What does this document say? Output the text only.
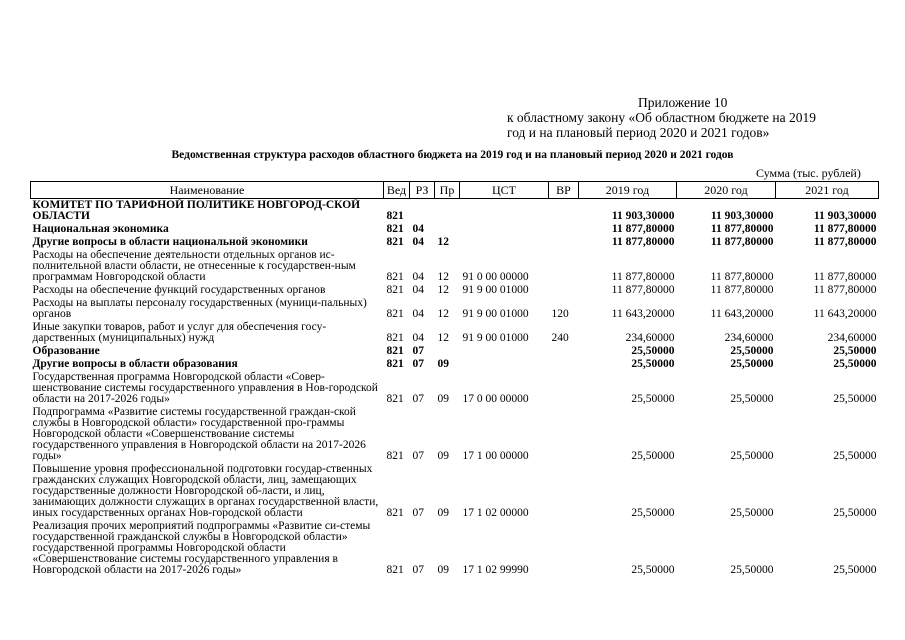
Приложение 10
к областному закону «Об областном бюджете на 2019
год и на плановый период 2020 и 2021 годов»
Ведомственная структура расходов областного бюджета на 2019 год и на плановый период 2020 и 2021 годов
Сумма (тыс. рублей)
Наименование	Вед	РЗ	Пр	ЦСТ	ВР	2019 год	2020 год	2021 год
КОМИТЕТ ПО ТАРИФНОЙ ПОЛИТИКЕ НОВГОРОД-СКОЙ ОБЛАСТИ	821					11 903,30000	11 903,30000	11 903,30000
Национальная экономика	821	04				11 877,80000	11 877,80000	11 877,80000
Другие вопросы в области национальной экономики	821	04	12			11 877,80000	11 877,80000	11 877,80000
Расходы на обеспечение деятельности отдельных органов ис-полнительной власти области, не отнесенные к государствен-ным программам Новгородской области	821	04	12	91 0 00 00000		11 877,80000	11 877,80000	11 877,80000
Расходы на обеспечение функций государственных органов	821	04	12	91 9 00 01000		11 877,80000	11 877,80000	11 877,80000
Расходы на выплаты персоналу государственных (муници-пальных) органов	821	04	12	91 9 00 01000	120	11 643,20000	11 643,20000	11 643,20000
Иные закупки товаров, работ и услуг для обеспечения госу-дарственных (муниципальных) нужд	821	04	12	91 9 00 01000	240	234,60000	234,60000	234,60000
Образование	821	07				25,50000	25,50000	25,50000
Другие вопросы в области образования	821	07	09			25,50000	25,50000	25,50000
Государственная программа Новгородской области «Совер-шенствование системы государственного управления в Нов-городской области на 2017-2026 годы»	821	07	09	17 0 00 00000		25,50000	25,50000	25,50000
Подпрограмма «Развитие системы государственной граждан-ской службы в Новгородской области» государственной про-граммы Новгородской области «Совершенствование системы государственного управления в Новгородской области на 2017-2026 годы»	821	07	09	17 1 00 00000		25,50000	25,50000	25,50000
Повышение уровня профессиональной подготовки государ-ственных гражданских служащих Новгородской области, лиц, замещающих государственные должности Новгородской об-ласти, и лиц, занимающих должности служащих в органах государственной власти, иных государственных органах Нов-городской области	821	07	09	17 1 02 00000		25,50000	25,50000	25,50000
Реализация прочих мероприятий подпрограммы «Развитие си-стемы государственной гражданской службы в Новгородской области» государственной программы Новгородской области «Совершенствование системы государственного управления в Новгородской области на 2017-2026 годы»	821	07	09	17 1 02 99990		25,50000	25,50000	25,50000
